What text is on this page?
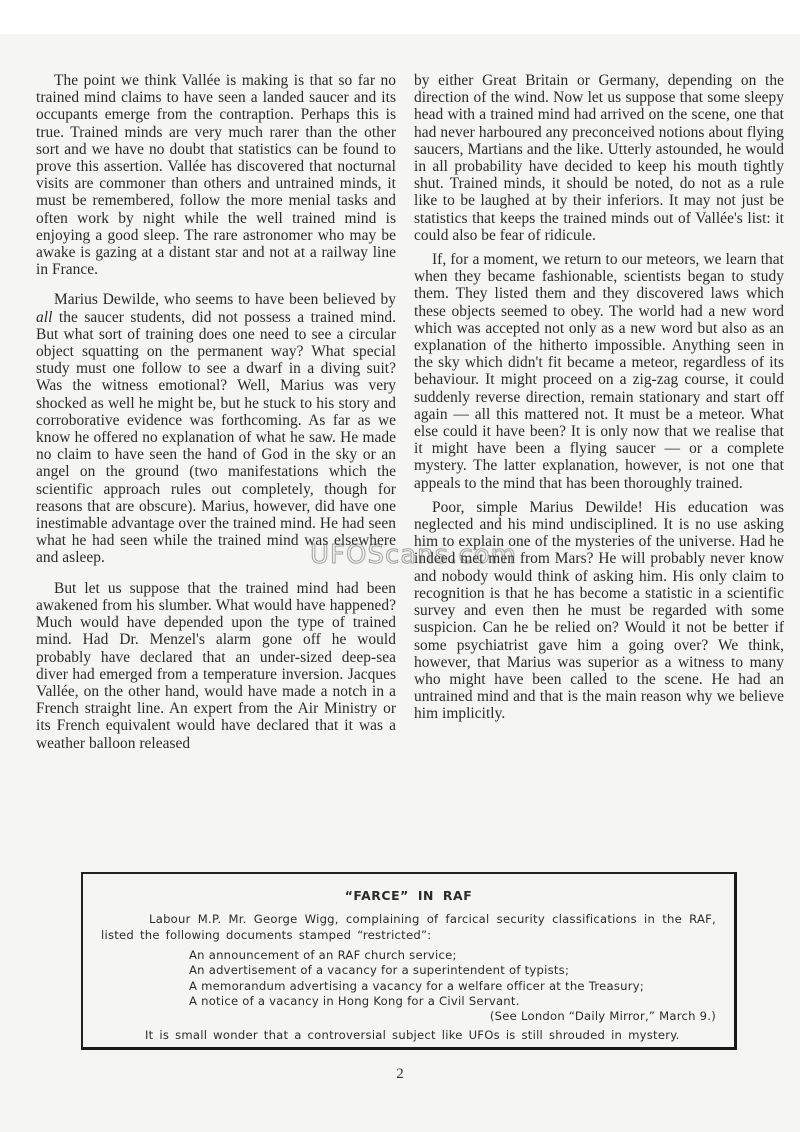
The point we think Vallée is making is that so far no trained mind claims to have seen a landed saucer and its occupants emerge from the contraption. Perhaps this is true. Trained minds are very much rarer than the other sort and we have no doubt that statistics can be found to prove this assertion. Vallée has discovered that nocturnal visits are commoner than others and untrained minds, it must be remembered, follow the more menial tasks and often work by night while the well trained mind is enjoying a good sleep. The rare astronomer who may be awake is gazing at a distant star and not at a railway line in France.

Marius Dewilde, who seems to have been believed by all the saucer students, did not possess a trained mind. But what sort of training does one need to see a circular object squatting on the permanent way? What special study must one follow to see a dwarf in a diving suit? Was the witness emotional? Well, Marius was very shocked as well he might be, but he stuck to his story and corroborative evidence was forthcoming. As far as we know he offered no explanation of what he saw. He made no claim to have seen the hand of God in the sky or an angel on the ground (two manifestations which the scientific approach rules out completely, though for reasons that are obscure). Marius, however, did have one inestimable advantage over the trained mind. He had seen what he had seen while the trained mind was elsewhere and asleep.

But let us suppose that the trained mind had been awakened from his slumber. What would have happened? Much would have depended upon the type of trained mind. Had Dr. Menzel's alarm gone off he would probably have declared that an under-sized deep-sea diver had emerged from a temperature inversion. Jacques Vallée, on the other hand, would have made a notch in a French straight line. An expert from the Air Ministry or its French equivalent would have declared that it was a weather balloon released

by either Great Britain or Germany, depending on the direction of the wind. Now let us suppose that some sleepy head with a trained mind had arrived on the scene, one that had never harboured any preconceived notions about flying saucers, Martians and the like. Utterly astounded, he would in all probability have decided to keep his mouth tightly shut. Trained minds, it should be noted, do not as a rule like to be laughed at by their inferiors. It may not just be statistics that keeps the trained minds out of Vallée's list: it could also be fear of ridicule.

If, for a moment, we return to our meteors, we learn that when they became fashionable, scientists began to study them. They listed them and they discovered laws which these objects seemed to obey. The world had a new word which was accepted not only as a new word but also as an explanation of the hitherto impossible. Anything seen in the sky which didn't fit became a meteor, regardless of its behaviour. It might proceed on a zig-zag course, it could suddenly reverse direction, remain stationary and start off again — all this mattered not. It must be a meteor. What else could it have been? It is only now that we realise that it might have been a flying saucer — or a complete mystery. The latter explanation, however, is not one that appeals to the mind that has been thoroughly trained.

Poor, simple Marius Dewilde! His education was neglected and his mind undisciplined. It is no use asking him to explain one of the mysteries of the universe. Had he indeed met men from Mars? He will probably never know and nobody would think of asking him. His only claim to recognition is that he has become a statistic in a scientific survey and even then he must be regarded with some suspicion. Can he be relied on? Would it not be better if some psychiatrist gave him a going over? We think, however, that Marius was superior as a witness to many who might have been called to the scene. He had an untrained mind and that is the main reason why we believe him implicitly.

“FARCE” IN RAF
Labour M.P. Mr. George Wigg, complaining of farcical security classifications in the RAF, listed the following documents stamped “restricted”:
An announcement of an RAF church service;
An advertisement of a vacancy for a superintendent of typists;
A memorandum advertising a vacancy for a welfare officer at the Treasury;
A notice of a vacancy in Hong Kong for a Civil Servant.
(See London “Daily Mirror,” March 9.)
It is small wonder that a controversial subject like UFOs is still shrouded in mystery.
2
